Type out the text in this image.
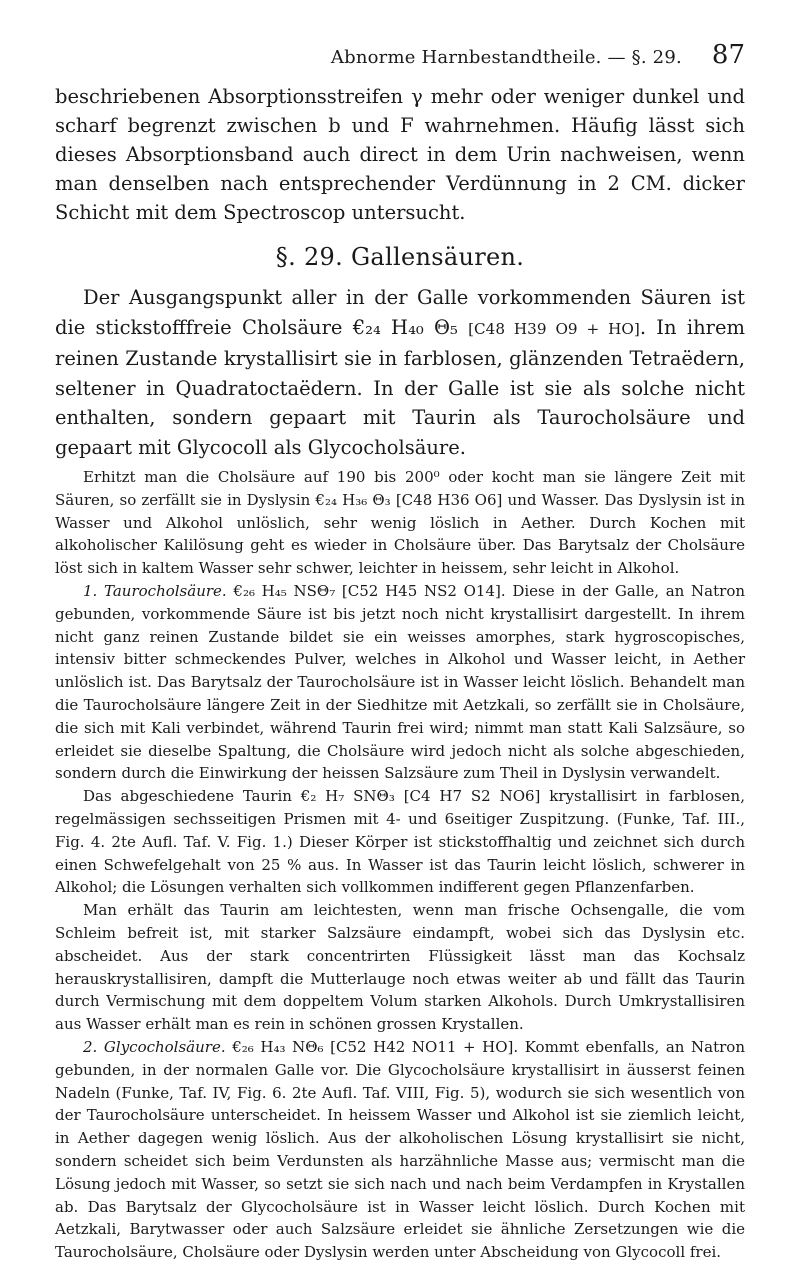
Abnorme Harnbestandtheile. — §. 29. 87

beschriebenen Absorptionsstreifen γ mehr oder weniger dunkel und scharf begrenzt zwischen b und F wahrnehmen. Häufig lässt sich dieses Absorptionsband auch direct in dem Urin nachweisen, wenn man denselben nach entsprechender Verdünnung in 2 CM. dicker Schicht mit dem Spectroscop untersucht.

§. 29. Gallensäuren.

Der Ausgangspunkt aller in der Galle vorkommenden Säuren ist die stickstofffreie Cholsäure €₂₄ H₄₀ Θ₅ [C48 H39 O9 + HO]. In ihrem reinen Zustande krystallisirt sie in farblosen, glänzenden Tetraëdern, seltener in Quadratoctaëdern. In der Galle ist sie als solche nicht enthalten, sondern gepaart mit Taurin als Taurocholsäure und gepaart mit Glycocoll als Glycocholsäure.

Erhitzt man die Cholsäure auf 190 bis 200⁰ oder kocht man sie längere Zeit mit Säuren, so zerfällt sie in Dyslysin €₂₄ H₃₆ Θ₃ [C48 H36 O6] und Wasser. Das Dyslysin ist in Wasser und Alkohol unlöslich, sehr wenig löslich in Aether. Durch Kochen mit alkoholischer Kalilösung geht es wieder in Cholsäure über. Das Barytsalz der Cholsäure löst sich in kaltem Wasser sehr schwer, leichter in heissem, sehr leicht in Alkohol.

1. Taurocholsäure. €₂₆ H₄₅ NSΘ₇ [C52 H45 NS2 O14]. Diese in der Galle, an Natron gebunden, vorkommende Säure ist bis jetzt noch nicht krystallisirt dargestellt. In ihrem nicht ganz reinen Zustande bildet sie ein weisses amorphes, stark hygroscopisches, intensiv bitter schmeckendes Pulver, welches in Alkohol und Wasser leicht, in Aether unlöslich ist. Das Barytsalz der Taurocholsäure ist in Wasser leicht löslich. Behandelt man die Taurocholsäure längere Zeit in der Siedhitze mit Aetzkali, so zerfällt sie in Cholsäure, die sich mit Kali verbindet, während Taurin frei wird; nimmt man statt Kali Salzsäure, so erleidet sie dieselbe Spaltung, die Cholsäure wird jedoch nicht als solche abgeschieden, sondern durch die Einwirkung der heissen Salzsäure zum Theil in Dyslysin verwandelt.

Das abgeschiedene Taurin €₂ H₇ SNΘ₃ [C4 H7 S2 NO6] krystallisirt in farblosen, regelmässigen sechsseitigen Prismen mit 4- und 6seitiger Zuspitzung. (Funke, Taf. III., Fig. 4. 2te Aufl. Taf. V. Fig. 1.) Dieser Körper ist stickstoffhaltig und zeichnet sich durch einen Schwefelgehalt von 25 % aus. In Wasser ist das Taurin leicht löslich, schwerer in Alkohol; die Lösungen verhalten sich vollkommen indifferent gegen Pflanzenfarben.

Man erhält das Taurin am leichtesten, wenn man frische Ochsengalle, die vom Schleim befreit ist, mit starker Salzsäure eindampft, wobei sich das Dyslysin etc. abscheidet. Aus der stark concentrirten Flüssigkeit lässt man das Kochsalz herauskrystallisiren, dampft die Mutterlauge noch etwas weiter ab und fällt das Taurin durch Vermischung mit dem doppeltem Volum starken Alkohols. Durch Umkrystallisiren aus Wasser erhält man es rein in schönen grossen Krystallen.

2. Glycocholsäure. €₂₆ H₄₃ NΘ₆ [C52 H42 NO11 + HO]. Kommt ebenfalls, an Natron gebunden, in der normalen Galle vor. Die Glycocholsäure krystallisirt in äusserst feinen Nadeln (Funke, Taf. IV, Fig. 6. 2te Aufl. Taf. VIII, Fig. 5), wodurch sie sich wesentlich von der Taurocholsäure unterscheidet. In heissem Wasser und Alkohol ist sie ziemlich leicht, in Aether dagegen wenig löslich. Aus der alkoholischen Lösung krystallisirt sie nicht, sondern scheidet sich beim Verdunsten als harzähnliche Masse aus; vermischt man die Lösung jedoch mit Wasser, so setzt sie sich nach und nach beim Verdampfen in Krystallen ab. Das Barytsalz der Glycocholsäure ist in Wasser leicht löslich. Durch Kochen mit Aetzkali, Barytwasser oder auch Salzsäure erleidet sie ähnliche Zersetzungen wie die Taurocholsäure, Cholsäure oder Dyslysin werden unter Abscheidung von Glycocoll frei.
